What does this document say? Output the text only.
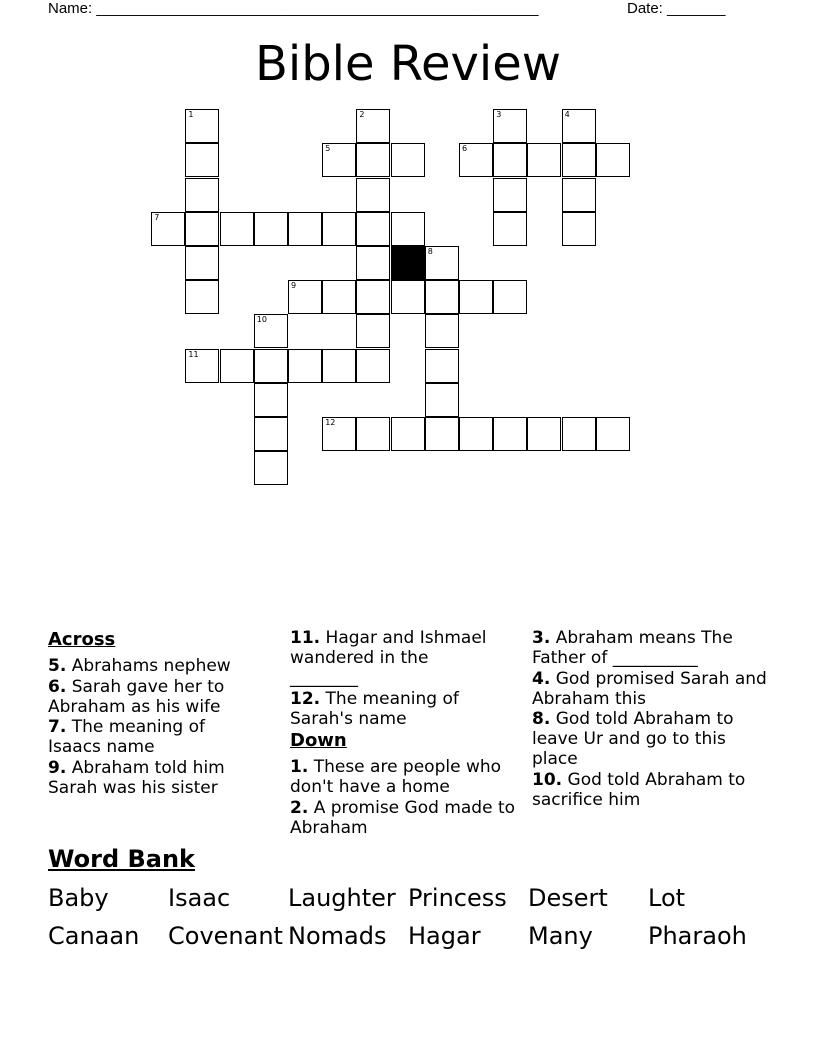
Name: _____________________________________________________	Date: _______
Bible Review
1	2	3	4
5	6
7
8
9
10
11
12
Across

5. Abrahams nephew

6. Sarah gave her to Abraham as his wife

7. The meaning of Isaacs name

9. Abraham told him Sarah was his sister

11. Hagar and Ishmael wandered in the
________

12. The meaning of Sarah's name

Down

1. These are people who don't have a home

2. A promise God made to Abraham

3. Abraham means The Father of __________

4. God promised Sarah and Abraham this

8. God told Abraham to leave Ur and go to this place

10. God told Abraham to sacrifice him

Word Bank
Baby Isaac Laughter Princess Desert Lot
Canaan Covenant Nomads Hagar Many Pharaoh
